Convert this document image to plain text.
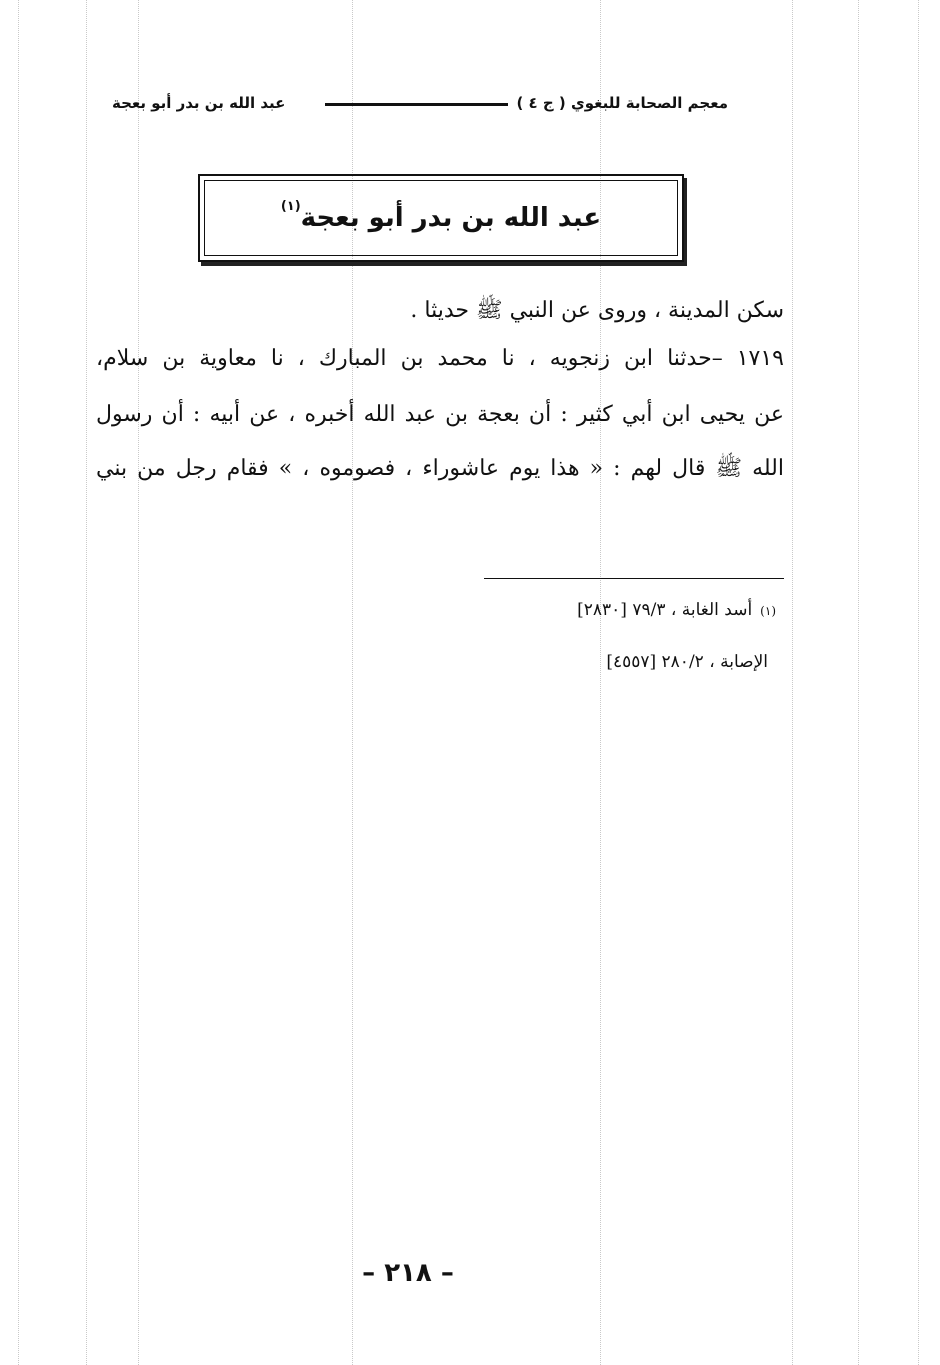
معجم الصحابة للبغوي ( ج ٤ )
عبد الله بن بدر أبو بعجة
عبد الله بن بدر أبو بعجة
(١)
سكن المدينة ، وروى عن النبي ﷺ حديثا .
١٧١٩ –حدثنا ابن زنجويه ، نا محمد بن المبارك ، نا معاوية بن سلام،
عن يحيى ابن أبي كثير : أن بعجة بن عبد الله أخبره ، عن أبيه : أن رسول
الله ﷺ قال لهم : « هذا يوم عاشوراء ، فصوموه ، » فقام رجل من بني
(١)أسد الغابة ، ٧٩/٣ [٢٨٣٠]
الإصابة ، ٢٨٠/٢ [٤٥٥٧]
– ٢١٨ –
